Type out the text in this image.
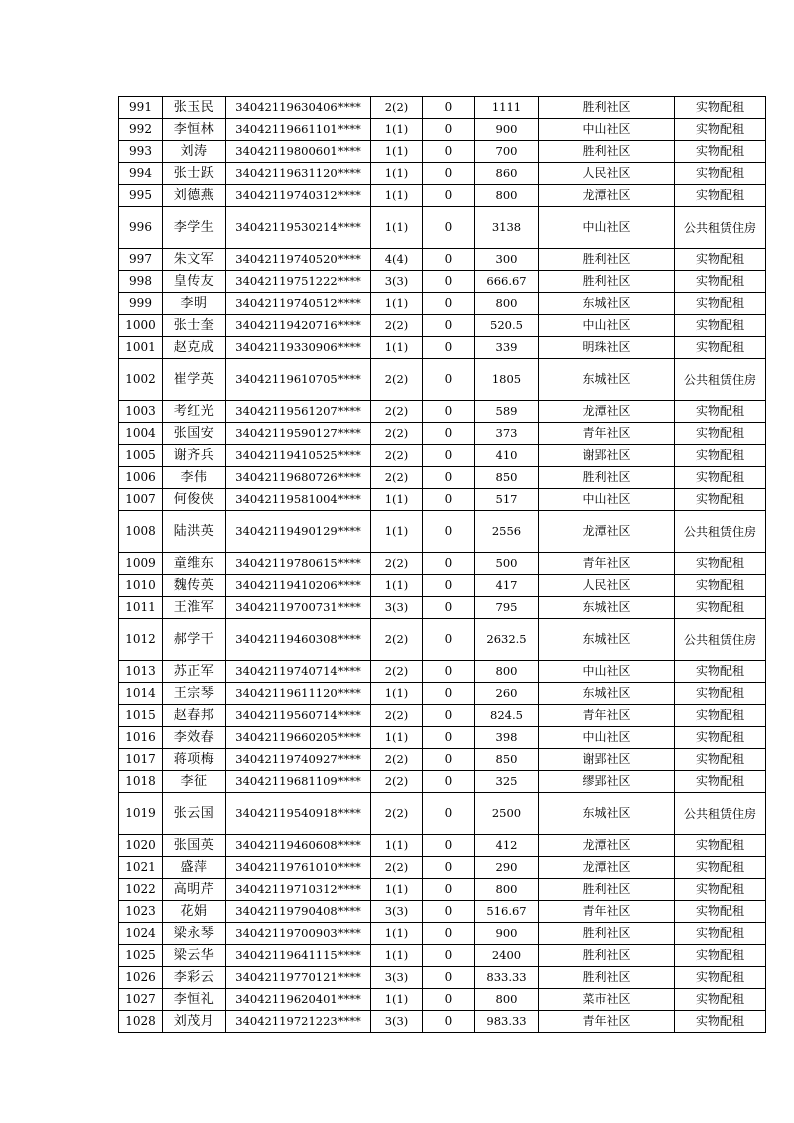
991	张玉民	34042119630406****	2(2)	0	1111	胜利社区	实物配租
992	李恒林	34042119661101****	1(1)	0	900	中山社区	实物配租
993	刘涛	34042119800601****	1(1)	0	700	胜利社区	实物配租
994	张士跃	34042119631120****	1(1)	0	860	人民社区	实物配租
995	刘德燕	34042119740312****	1(1)	0	800	龙潭社区	实物配租
996	李学生	34042119530214****	1(1)	0	3138	中山社区	公共租赁住房
997	朱文军	34042119740520****	4(4)	0	300	胜利社区	实物配租
998	皇传友	34042119751222****	3(3)	0	666.67	胜利社区	实物配租
999	李明	34042119740512****	1(1)	0	800	东城社区	实物配租
1000	张士奎	34042119420716****	2(2)	0	520.5	中山社区	实物配租
1001	赵克成	34042119330906****	1(1)	0	339	明珠社区	实物配租
1002	崔学英	34042119610705****	2(2)	0	1805	东城社区	公共租赁住房
1003	考红光	34042119561207****	2(2)	0	589	龙潭社区	实物配租
1004	张国安	34042119590127****	2(2)	0	373	青年社区	实物配租
1005	谢齐兵	34042119410525****	2(2)	0	410	谢郢社区	实物配租
1006	李伟	34042119680726****	2(2)	0	850	胜利社区	实物配租
1007	何俊侠	34042119581004****	1(1)	0	517	中山社区	实物配租
1008	陆洪英	34042119490129****	1(1)	0	2556	龙潭社区	公共租赁住房
1009	童维东	34042119780615****	2(2)	0	500	青年社区	实物配租
1010	魏传英	34042119410206****	1(1)	0	417	人民社区	实物配租
1011	王淮军	34042119700731****	3(3)	0	795	东城社区	实物配租
1012	郝学干	34042119460308****	2(2)	0	2632.5	东城社区	公共租赁住房
1013	苏正军	34042119740714****	2(2)	0	800	中山社区	实物配租
1014	王宗琴	34042119611120****	1(1)	0	260	东城社区	实物配租
1015	赵春邦	34042119560714****	2(2)	0	824.5	青年社区	实物配租
1016	李效春	34042119660205****	1(1)	0	398	中山社区	实物配租
1017	蒋项梅	34042119740927****	2(2)	0	850	谢郢社区	实物配租
1018	李征	34042119681109****	2(2)	0	325	缪郢社区	实物配租
1019	张云国	34042119540918****	2(2)	0	2500	东城社区	公共租赁住房
1020	张国英	34042119460608****	1(1)	0	412	龙潭社区	实物配租
1021	盛萍	34042119761010****	2(2)	0	290	龙潭社区	实物配租
1022	高明芹	34042119710312****	1(1)	0	800	胜利社区	实物配租
1023	花娟	34042119790408****	3(3)	0	516.67	青年社区	实物配租
1024	梁永琴	34042119700903****	1(1)	0	900	胜利社区	实物配租
1025	梁云华	34042119641115****	1(1)	0	2400	胜利社区	实物配租
1026	李彩云	34042119770121****	3(3)	0	833.33	胜利社区	实物配租
1027	李恒礼	34042119620401****	1(1)	0	800	菜市社区	实物配租
1028	刘茂月	34042119721223****	3(3)	0	983.33	青年社区	实物配租
